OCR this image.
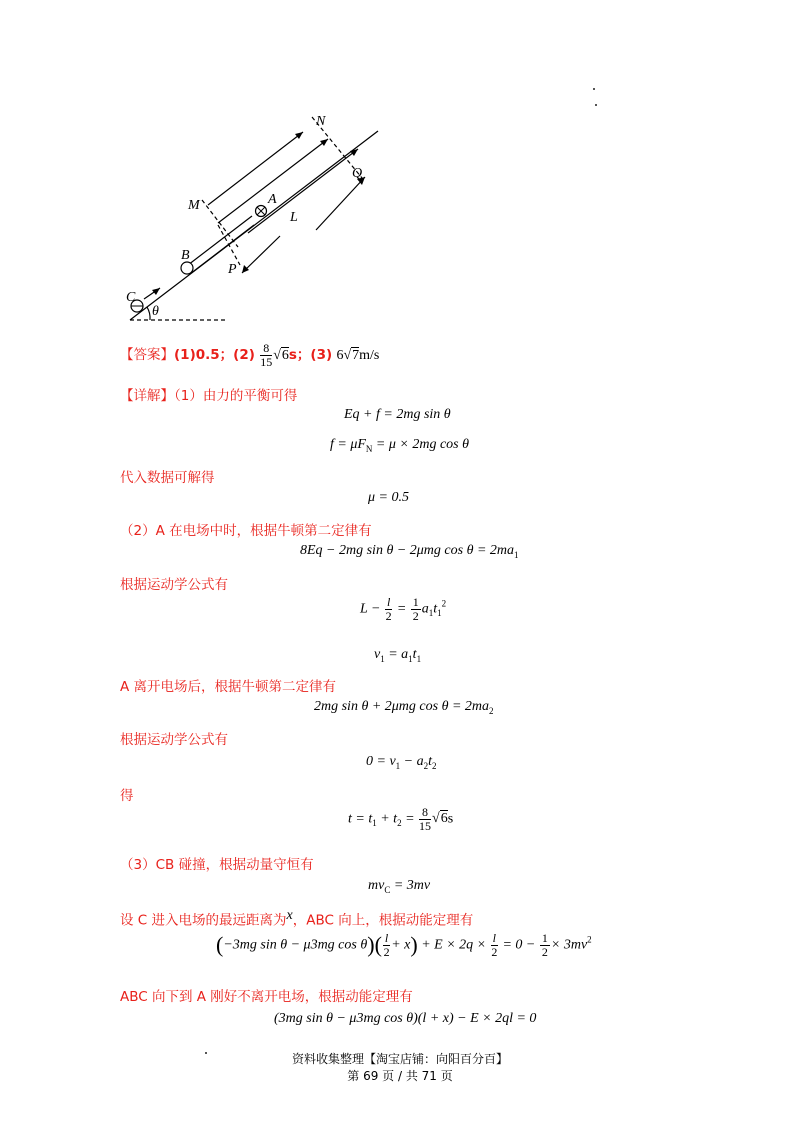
N
Q
M	A
L
B
P
C
θ
【答案】(1)0.5；$(2) \frac{8}{15} √6s$；(3) 6√7m/s
【详解】（1）由力的平衡可得
Eq + f = 2mg sin θ
$f = \mu F_N = \mu \times 2mg$ cos θ
代入数据可解得
μ = 0.5
（2）A 在电场中时，根据牛顿第二定律有
8Eq − 2mg sin θ − 2μmg $\cos \theta = 2ma_1$
根据运动学公式有
$L - \frac{l}{2} = \frac{1}{2} a_1t_1^2$
$v_1 = a_1t_1$
A 离开电场后，根据牛顿第二定律有
2mg sin θ + 2μmg $\cos \theta = 2ma_2$
根据运动学公式有
$0 = v_1 - a_2t_2$
得
$t = t_1 + t_2 = \frac{8}{15} √6s$
（3）CB 碰撞，根据动量守恒有
$mv_C = 3mv$
设 C 进入电场的最远距离为x，ABC 向上，根据动能定理有
(−3mg sin θ − μ3mg $\cos \theta)( \frac{l}{2} + x) + E \times 2q \times \frac{l}{2} = 0 - \frac{1}{2} \times 3mv^2$
ABC 向下到 A 刚好不离开电场，根据动能定理有
(3mg sin θ − μ3mg cos θ)(l + x) − E × 2ql = 0
资料收集整理【淘宝店铺：向阳百分百】
第 69 页 / 共 71 页
